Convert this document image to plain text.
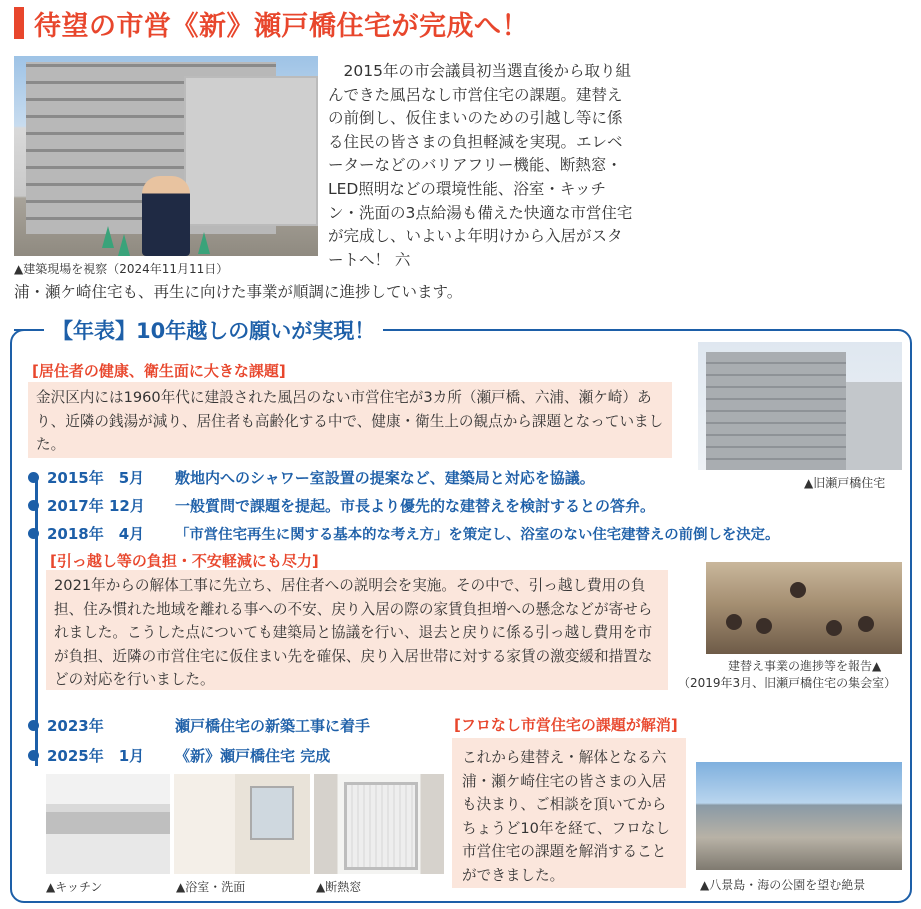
待望の市営《新》瀬戸橋住宅が完成へ！
▲建築現場を視察（2024年11月11日）

2015年の市会議員初当選直後から取り組んできた風呂なし市営住宅の課題。建替えの前倒し、仮住まいのための引越し等に係る住民の皆さまの負担軽減を実現。エレベーターなどのバリアフリー機能、断熱窓・LED照明などの環境性能、浴室・キッチン・洗面の3点給湯も備えた快適な市営住宅が完成し、いよいよ年明けから入居がスタートへ！ 六

浦・瀬ケ崎住宅も、再生に向けた事業が順調に進捗しています。
【年表】10年越しの願いが実現！
[居住者の健康、衛生面に大きな課題]
金沢区内には1960年代に建設された風呂のない市営住宅が3カ所（瀬戸橋、六浦、瀬ケ崎）あり、近隣の銭湯が減り、居住者も高齢化する中で、健康・衛生上の観点から課題となっていました。
▲旧瀬戸橋住宅
2015年　5月	敷地内へのシャワー室設置の提案など、建築局と対応を協議。
2017年 12月	一般質問で課題を提起。市長より優先的な建替えを検討するとの答弁。
2018年　4月	「市営住宅再生に関する基本的な考え方」を策定し、浴室のない住宅建替えの前倒しを決定。
[引っ越し等の負担・不安軽減にも尽力]
2021年からの解体工事に先立ち、居住者への説明会を実施。その中で、引っ越し費用の負担、住み慣れた地域を離れる事への不安、戻り入居の際の家賃負担増への懸念などが寄せられました。こうした点についても建築局と協議を行い、退去と戻りに係る引っ越し費用を市が負担、近隣の市営住宅に仮住まい先を確保、戻り入居世帯に対する家賃の激変緩和措置などの対応を行いました。
建替え事業の進捗等を報告▲
（2019年3月、旧瀬戸橋住宅の集会室）
2023年	瀬戸橋住宅の新築工事に着手
2025年　1月	《新》瀬戸橋住宅 完成
[フロなし市営住宅の課題が解消]
これから建替え・解体となる六浦・瀬ケ崎住宅の皆さまの入居も決まり、ご相談を頂いてからちょうど10年を経て、フロなし市営住宅の課題を解消することができました。
▲キッチン	▲浴室・洗面	▲断熱窓	▲八景島・海の公園を望む絶景
